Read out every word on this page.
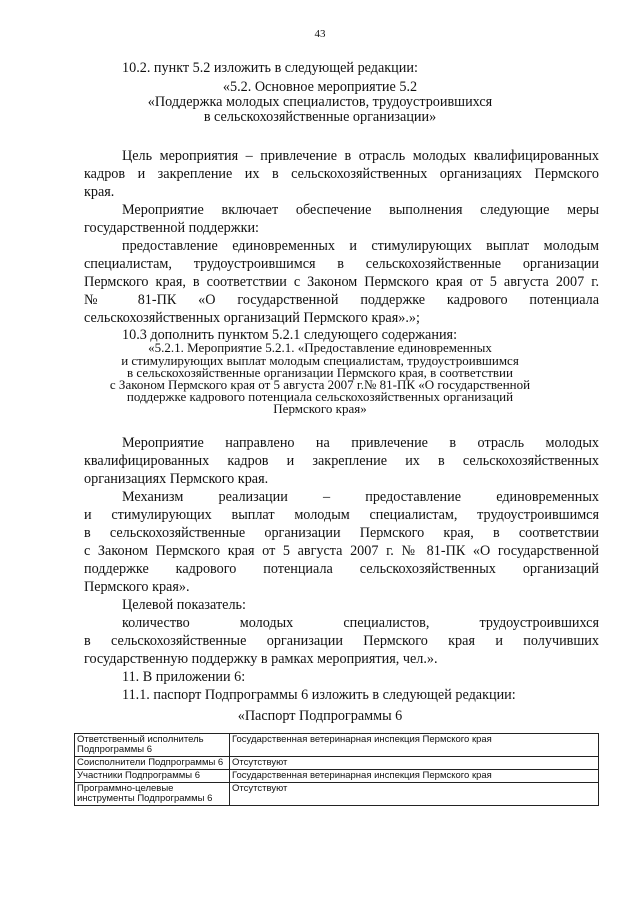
43
10.2. пункт 5.2 изложить в следующей редакции:
«5.2. Основное мероприятие 5.2
«Поддержка молодых специалистов, трудоустроившихся
в сельскохозяйственные организации»
Цель мероприятия – привлечение в отрасль молодых квалифицированных
кадров и закрепление их в сельскохозяйственных организациях Пермского
края.
Мероприятие включает обеспечение выполнения следующие меры
государственной поддержки:
предоставление единовременных и стимулирующих выплат молодым
специалистам, трудоустроившимся в сельскохозяйственные организации
Пермского края, в соответствии с Законом Пермского края от 5 августа 2007 г.
№ 81-ПК «О государственной поддержке кадрового потенциала
сельскохозяйственных организаций Пермского края».»;
10.3 дополнить пунктом 5.2.1 следующего содержания:
«5.2.1. Мероприятие 5.2.1. «Предоставление единовременных
и стимулирующих выплат молодым специалистам, трудоустроившимся
в сельскохозяйственные организации Пермского края, в соответствии
с Законом Пермского края от 5 августа 2007 г.№ 81-ПК «О государственной
поддержке кадрового потенциала сельскохозяйственных организаций
Пермского края»
Мероприятие направлено на привлечение в отрасль молодых
квалифицированных кадров и закрепление их в сельскохозяйственных
организациях Пермского края.
Механизм реализации – предоставление единовременных
и стимулирующих выплат молодым специалистам, трудоустроившимся
в сельскохозяйственные организации Пермского края, в соответствии
с Законом Пермского края от 5 августа 2007 г. № 81-ПК «О государственной
поддержке кадрового потенциала сельскохозяйственных организаций
Пермского края».
Целевой показатель:
количество молодых специалистов, трудоустроившихся
в сельскохозяйственные организации Пермского края и получивших
государственную поддержку в рамках мероприятия, чел.».
11. В приложении 6:
11.1. паспорт Подпрограммы 6 изложить в следующей редакции:
«Паспорт Подпрограммы 6
Ответственный исполнитель Подпрограммы 6	Государственная ветеринарная инспекция Пермского края
Соисполнители Подпрограммы 6	Отсутствуют
Участники Подпрограммы 6	Государственная ветеринарная инспекция Пермского края
Программно-целевые инструменты Подпрограммы 6	Отсутствуют
